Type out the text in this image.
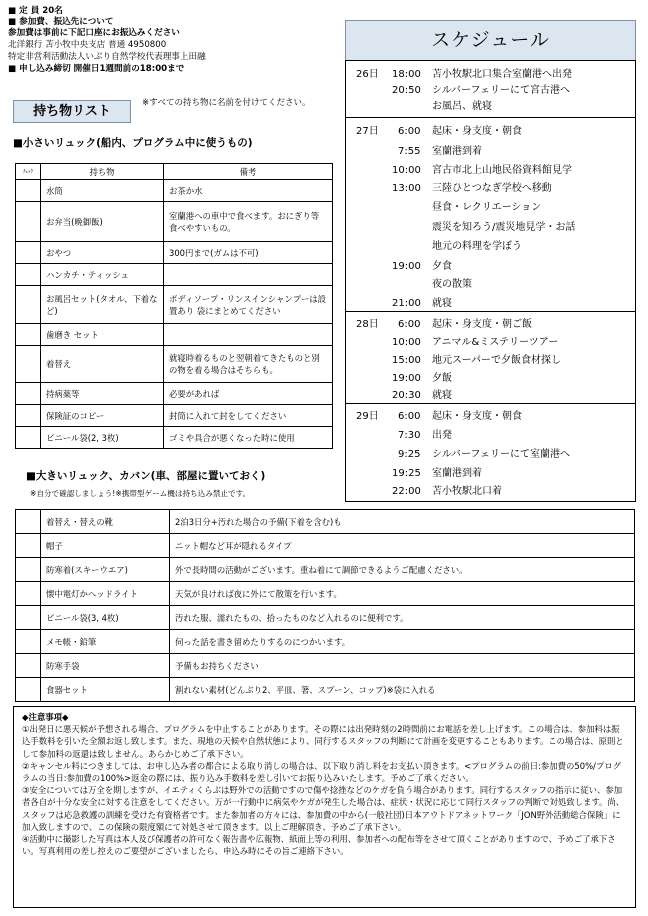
■ 定 員 20名
■ 参加費、振込先について
参加費は事前に下記口座にお振込みください
北洋銀行 苫小牧中央支店 普通 4950800
特定非営利活動法人いぶり自然学校代表理事上田融
■ 申し込み締切 開催日1週間前の18:00まで
持ち物リスト
※すべての持ち物に名前を付けてください。
■小さいリュック(船内、プログラム中に使うもの)
ﾁｪｯｸ	持ち物	備考
	水筒	お茶か水
	お弁当(晩御飯)	室蘭港への車中で食べます。おにぎり等食べやすいもの。
	おやつ	300円まで(ガムは不可)
	ハンカチ・ティッシュ	
	お風呂セット(タオル、下着など)	ボディソープ・リンスインシャンプーは設置あり 袋にまとめてください
	歯磨き セット	
	着替え	就寝時着るものと翌朝着てきたものと別の物を着る場合はそちらも。
	持病薬等	必要があれば
	保険証のコピー	封筒に入れて封をしてください
	ビニール袋(2, 3枚)	ゴミや具合が悪くなった時に使用
■大きいリュック、カバン(車、部屋に置いておく)
※自分で確認しましょう!※携帯型ゲーム機は持ち込み禁止です。
	着替え・替えの靴	2泊3日分+汚れた場合の予備(下着を含む)も
	帽子	ニット帽など耳が隠れるタイプ
	防寒着(スキーウエア)	外で長時間の活動がございます。重ね着にて調節できるようご配慮ください。
	懐中電灯かヘッドライト	天気が良ければ夜に外にて散策を行います。
	ビニール袋(3, 4枚)	汚れた服、濡れたもの、拾ったものなど入れるのに便利です。
	メモ帳・鉛筆	伺った話を書き留めたりするのにつかいます。
	防寒手袋	予備もお持ちください
	食器セット	割れない素材(どんぶり2、平皿、箸、スプーン、コップ)※袋に入れる
スケジュール
26日 18:00 苫小牧駅北口集合室蘭港へ出発
20:50 シルバーフェリーにて宮古港へ
お風呂、就寝
27日 6:00 起床・身支度・朝食
7:55 室蘭港到着
10:00 宮古市北上山地民俗資料館見学
13:00 三陸ひとつなぎ学校へ移動
昼食・レクリエーション
震災を知ろう/震災地見学・お話
地元の料理を学ぼう
19:00 夕食
夜の散策
21:00 就寝
28日 6:00 起床・身支度・朝ご飯
10:00 アニマル&ミステリーツアー
15:00 地元スーパーで夕飯食材探し
19:00 夕飯
20:30 就寝
29日 6:00 起床・身支度・朝食
7:30 出発
9:25 シルバーフェリーにて室蘭港へ
19:25 室蘭港到着
22:00 苫小牧駅北口着

◆注意事項◆

①出発日に悪天候が予想される場合、プログラムを中止することがあります。その際には出発時刻の2時間前にお電話を差し上げます。この場合は、参加料は振込手数料を引いた全額お返し致します。また、現地の天候や自然状態により、同行するスタッフの判断にて計画を変更することもあります。この場合は、原則として参加料の返還は致しません。あらかじめご了承下さい。

②キャンセル料につきましては、お申し込み者の都合による取り消しの場合は、以下取り消し料をお支払い頂きます。<プログラムの前日:参加費の50%/プログラムの当日:参加費の100%>返金の際には、振り込み手数料を差し引いてお振り込みいたします。予めご了承ください。

③安全については万全を期しますが、イエティくらぶは野外での活動ですので傷や捻挫などのケガを負う場合があります。同行するスタッフの指示に従い、参加者各自が十分な安全に対する注意をしてください。万が一行動中に病気やケガが発生した場合は、症状・状況に応じて同行スタッフの判断で対処致します。尚、スタッフは応急救護の訓練を受けた有資格者です。また参加者の方々には、参加費の中から(一般社団)日本アウトドアネットワーク「JON野外活動総合保険」に加入致しますので、この保険の限度額にて対処させて頂きます。以上ご理解頂き、予めご了承下さい。

④活動中に撮影した写真は本人及び保護者の許可なく報告書や広報物、紙面上等の利用、参加者への配布等をさせて頂くことがありますので、予めご了承下さい。写真利用の差し控えのご要望がございましたら、申込み時にその旨ご連絡下さい。
